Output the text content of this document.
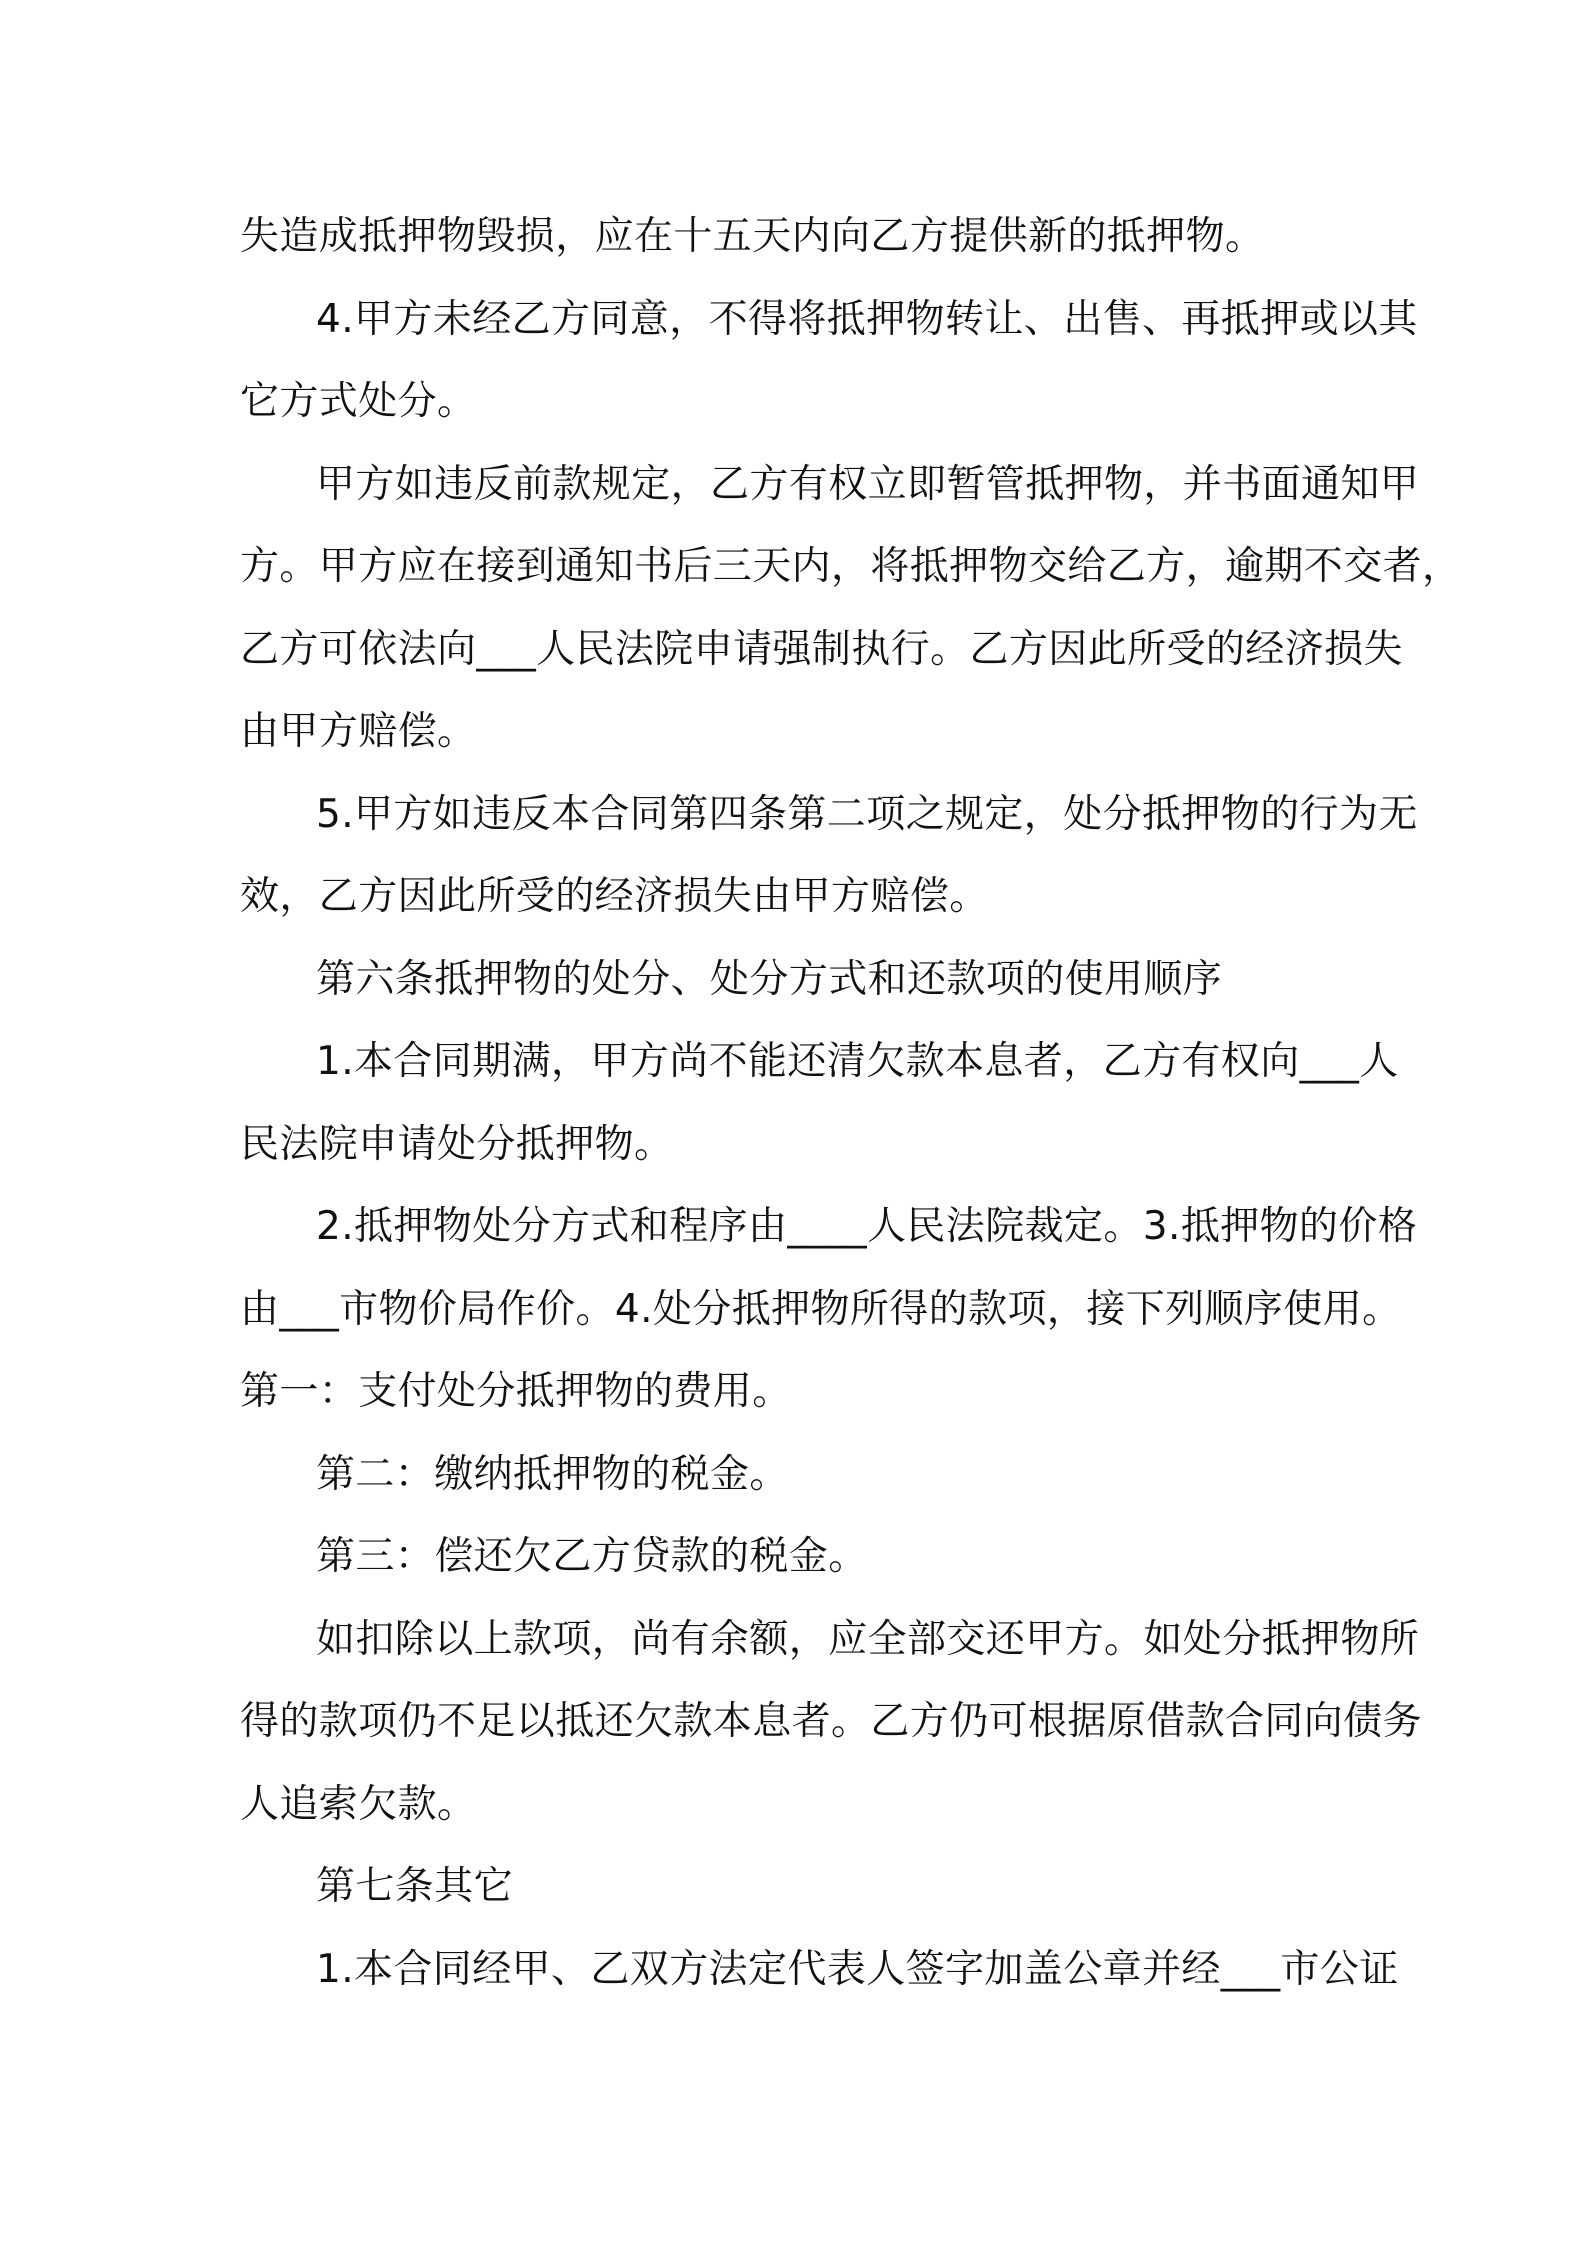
失造成抵押物毁损，应在十五天内向乙方提供新的抵押物。
4.甲方未经乙方同意，不得将抵押物转让、出售、再抵押或以其
它方式处分。
甲方如违反前款规定，乙方有权立即暂管抵押物，并书面通知甲
方。甲方应在接到通知书后三天内，将抵押物交给乙方，逾期不交者，
乙方可依法向___人民法院申请强制执行。乙方因此所受的经济损失
由甲方赔偿。
5.甲方如违反本合同第四条第二项之规定，处分抵押物的行为无
效，乙方因此所受的经济损失由甲方赔偿。
第六条抵押物的处分、处分方式和还款项的使用顺序
1.本合同期满，甲方尚不能还清欠款本息者，乙方有权向___人
民法院申请处分抵押物。
2.抵押物处分方式和程序由____人民法院裁定。3.抵押物的价格
由___市物价局作价。4.处分抵押物所得的款项，接下列顺序使用。
第一：支付处分抵押物的费用。
第二：缴纳抵押物的税金。
第三：偿还欠乙方贷款的税金。
如扣除以上款项，尚有余额，应全部交还甲方。如处分抵押物所
得的款项仍不足以抵还欠款本息者。乙方仍可根据原借款合同向债务
人追索欠款。
第七条其它
1.本合同经甲、乙双方法定代表人签字加盖公章并经___市公证
